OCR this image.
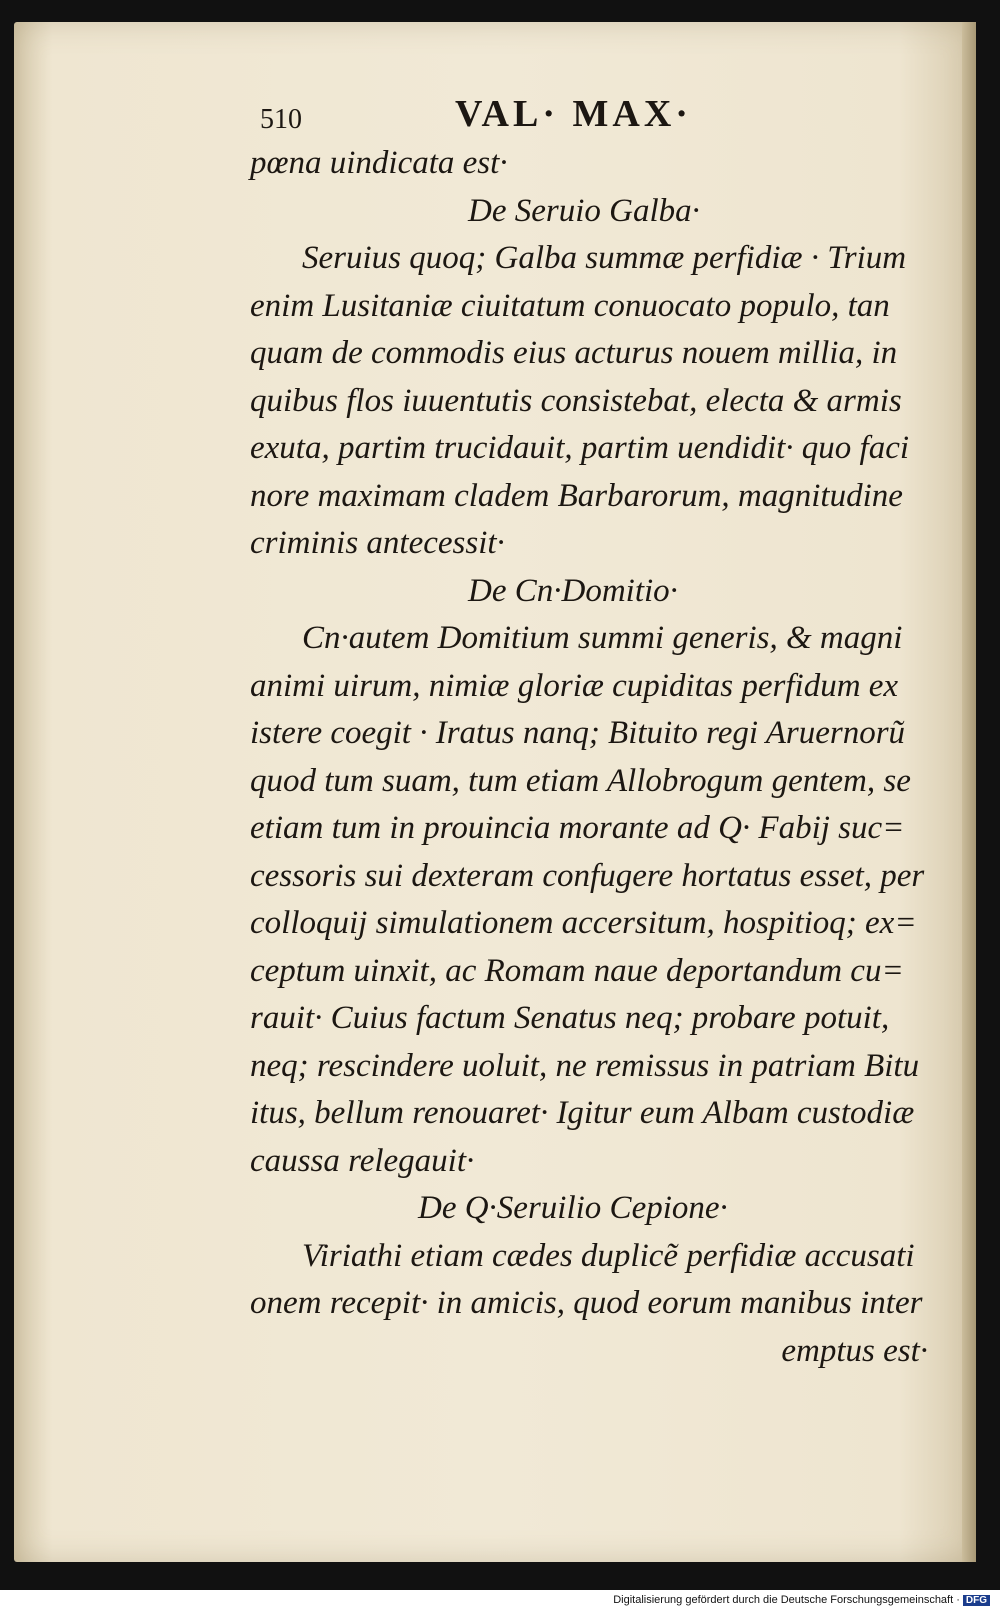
510	VAL· MAX·

pœna uindicata est·

De Seruio Galba·

Seruius quoq; Galba summæ perfidiæ · Trium

enim Lusitaniæ ciuitatum conuocato populo, tan

quam de commodis eius acturus nouem millia, in

quibus flos iuuentutis consistebat, electa & armis

exuta, partim trucidauit, partim uendidit· quo faci

nore maximam cladem Barbarorum, magnitudine

criminis antecessit·

De Cn·Domitio·

Cn·autem Domitium summi generis, & magni

animi uirum, nimiæ gloriæ cupiditas perfidum ex

istere coegit · Iratus nanq; Bituito regi Aruernorũ

quod tum suam, tum etiam Allobrogum gentem, se

etiam tum in prouincia morante ad Q· Fabij suc=

cessoris sui dexteram confugere hortatus esset, per

colloquij simulationem accersitum, hospitioq; ex=

ceptum uinxit, ac Romam naue deportandum cu=

rauit· Cuius factum Senatus neq; probare potuit,

neq; rescindere uoluit, ne remissus in patriam Bitu

itus, bellum renouaret· Igitur eum Albam custodiæ

caussa relegauit·

De Q·Seruilio Cepione·

Viriathi etiam cædes duplicẽ perfidiæ accusati

onem recepit· in amicis, quod eorum manibus inter

emptus est·

Digitalisierung gefördert durch die Deutsche Forschungsgemeinschaft · DFG
